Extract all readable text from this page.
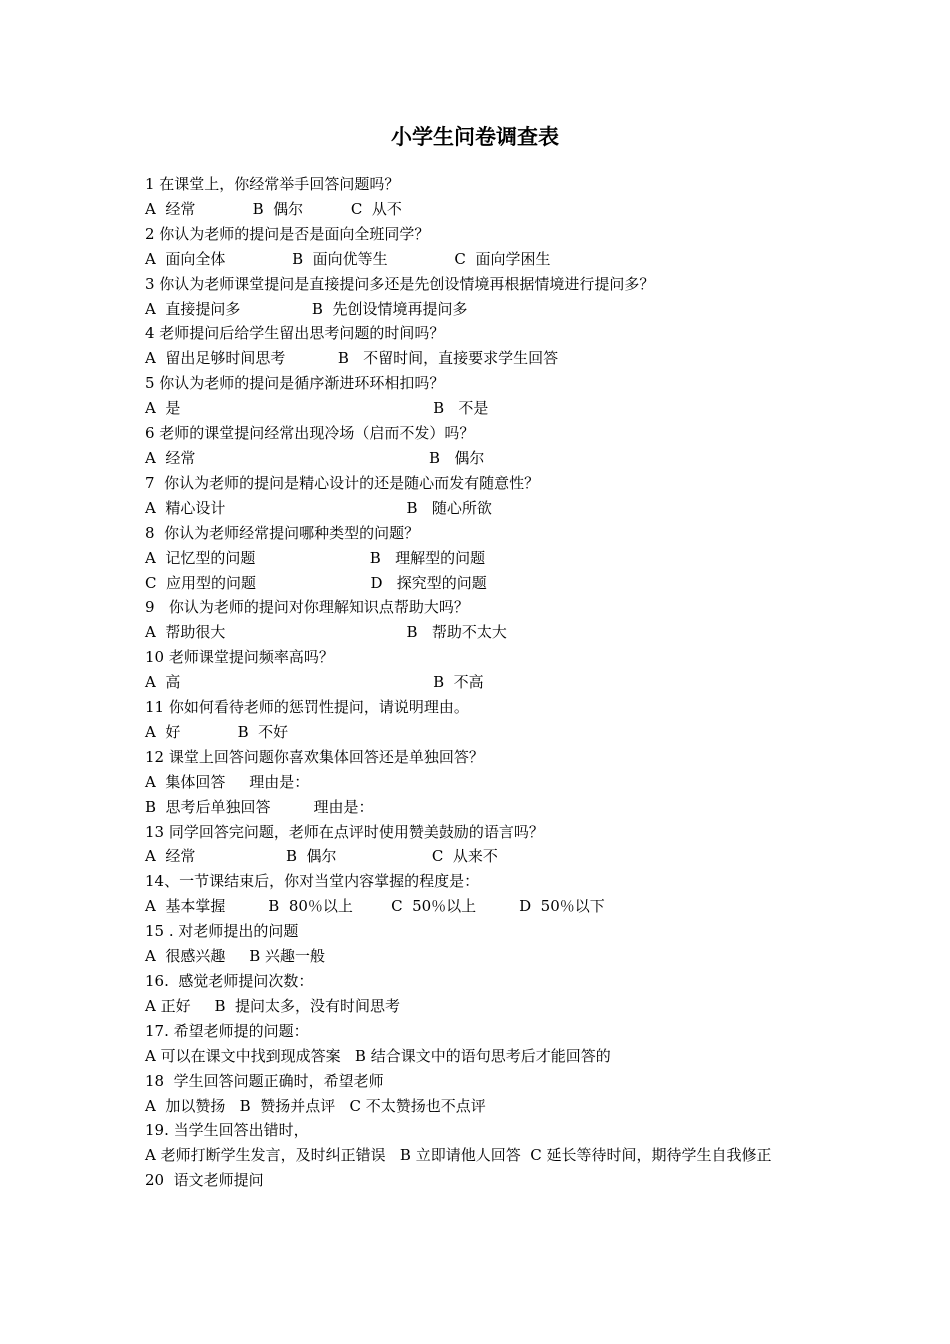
小学生问卷调查表
1 在课堂上，你经常举手回答问题吗？
A  经常            B  偶尔          C  从不
2 你认为老师的提问是否是面向全班同学？
A  面向全体              B  面向优等生              C  面向学困生
3 你认为老师课堂提问是直接提问多还是先创设情境再根据情境进行提问多？
A  直接提问多               B  先创设情境再提问多
4 老师提问后给学生留出思考问题的时间吗？
A  留出足够时间思考           B   不留时间，直接要求学生回答
5 你认为老师的提问是循序渐进环环相扣吗？
A  是                                                     B   不是
6 老师的课堂提问经常出现冷场（启而不发）吗？
A  经常                                                 B   偶尔
7  你认为老师的提问是精心设计的还是随心而发有随意性？
A  精心设计                                      B   随心所欲
8  你认为老师经常提问哪种类型的问题？
A  记忆型的问题                        B   理解型的问题
C  应用型的问题                        D   探究型的问题
9   你认为老师的提问对你理解知识点帮助大吗？
A  帮助很大                                      B   帮助不太大
10 老师课堂提问频率高吗？
A  高                                                     B  不高
11 你如何看待老师的惩罚性提问，请说明理由。
A  好            B  不好
12 课堂上回答问题你喜欢集体回答还是单独回答？
A  集体回答     理由是：
B  思考后单独回答         理由是：
13 同学回答完问题，老师在点评时使用赞美鼓励的语言吗？
A  经常                   B  偶尔                    C  从来不
14、一节课结束后，你对当堂内容掌握的程度是：
A  基本掌握         B  80％以上        C  50％以上         D  50％以下
15 . 对老师提出的问题
A  很感兴趣     B 兴趣一般
16.  感觉老师提问次数：
A 正好     B  提问太多，没有时间思考
17. 希望老师提的问题：
A 可以在课文中找到现成答案   B 结合课文中的语句思考后才能回答的
18  学生回答问题正确时，希望老师
A  加以赞扬   B  赞扬并点评   C 不太赞扬也不点评
19. 当学生回答出错时，
A 老师打断学生发言，及时纠正错误   B 立即请他人回答  C 延长等待时间，期待学生自我修正
20  语文老师提问
